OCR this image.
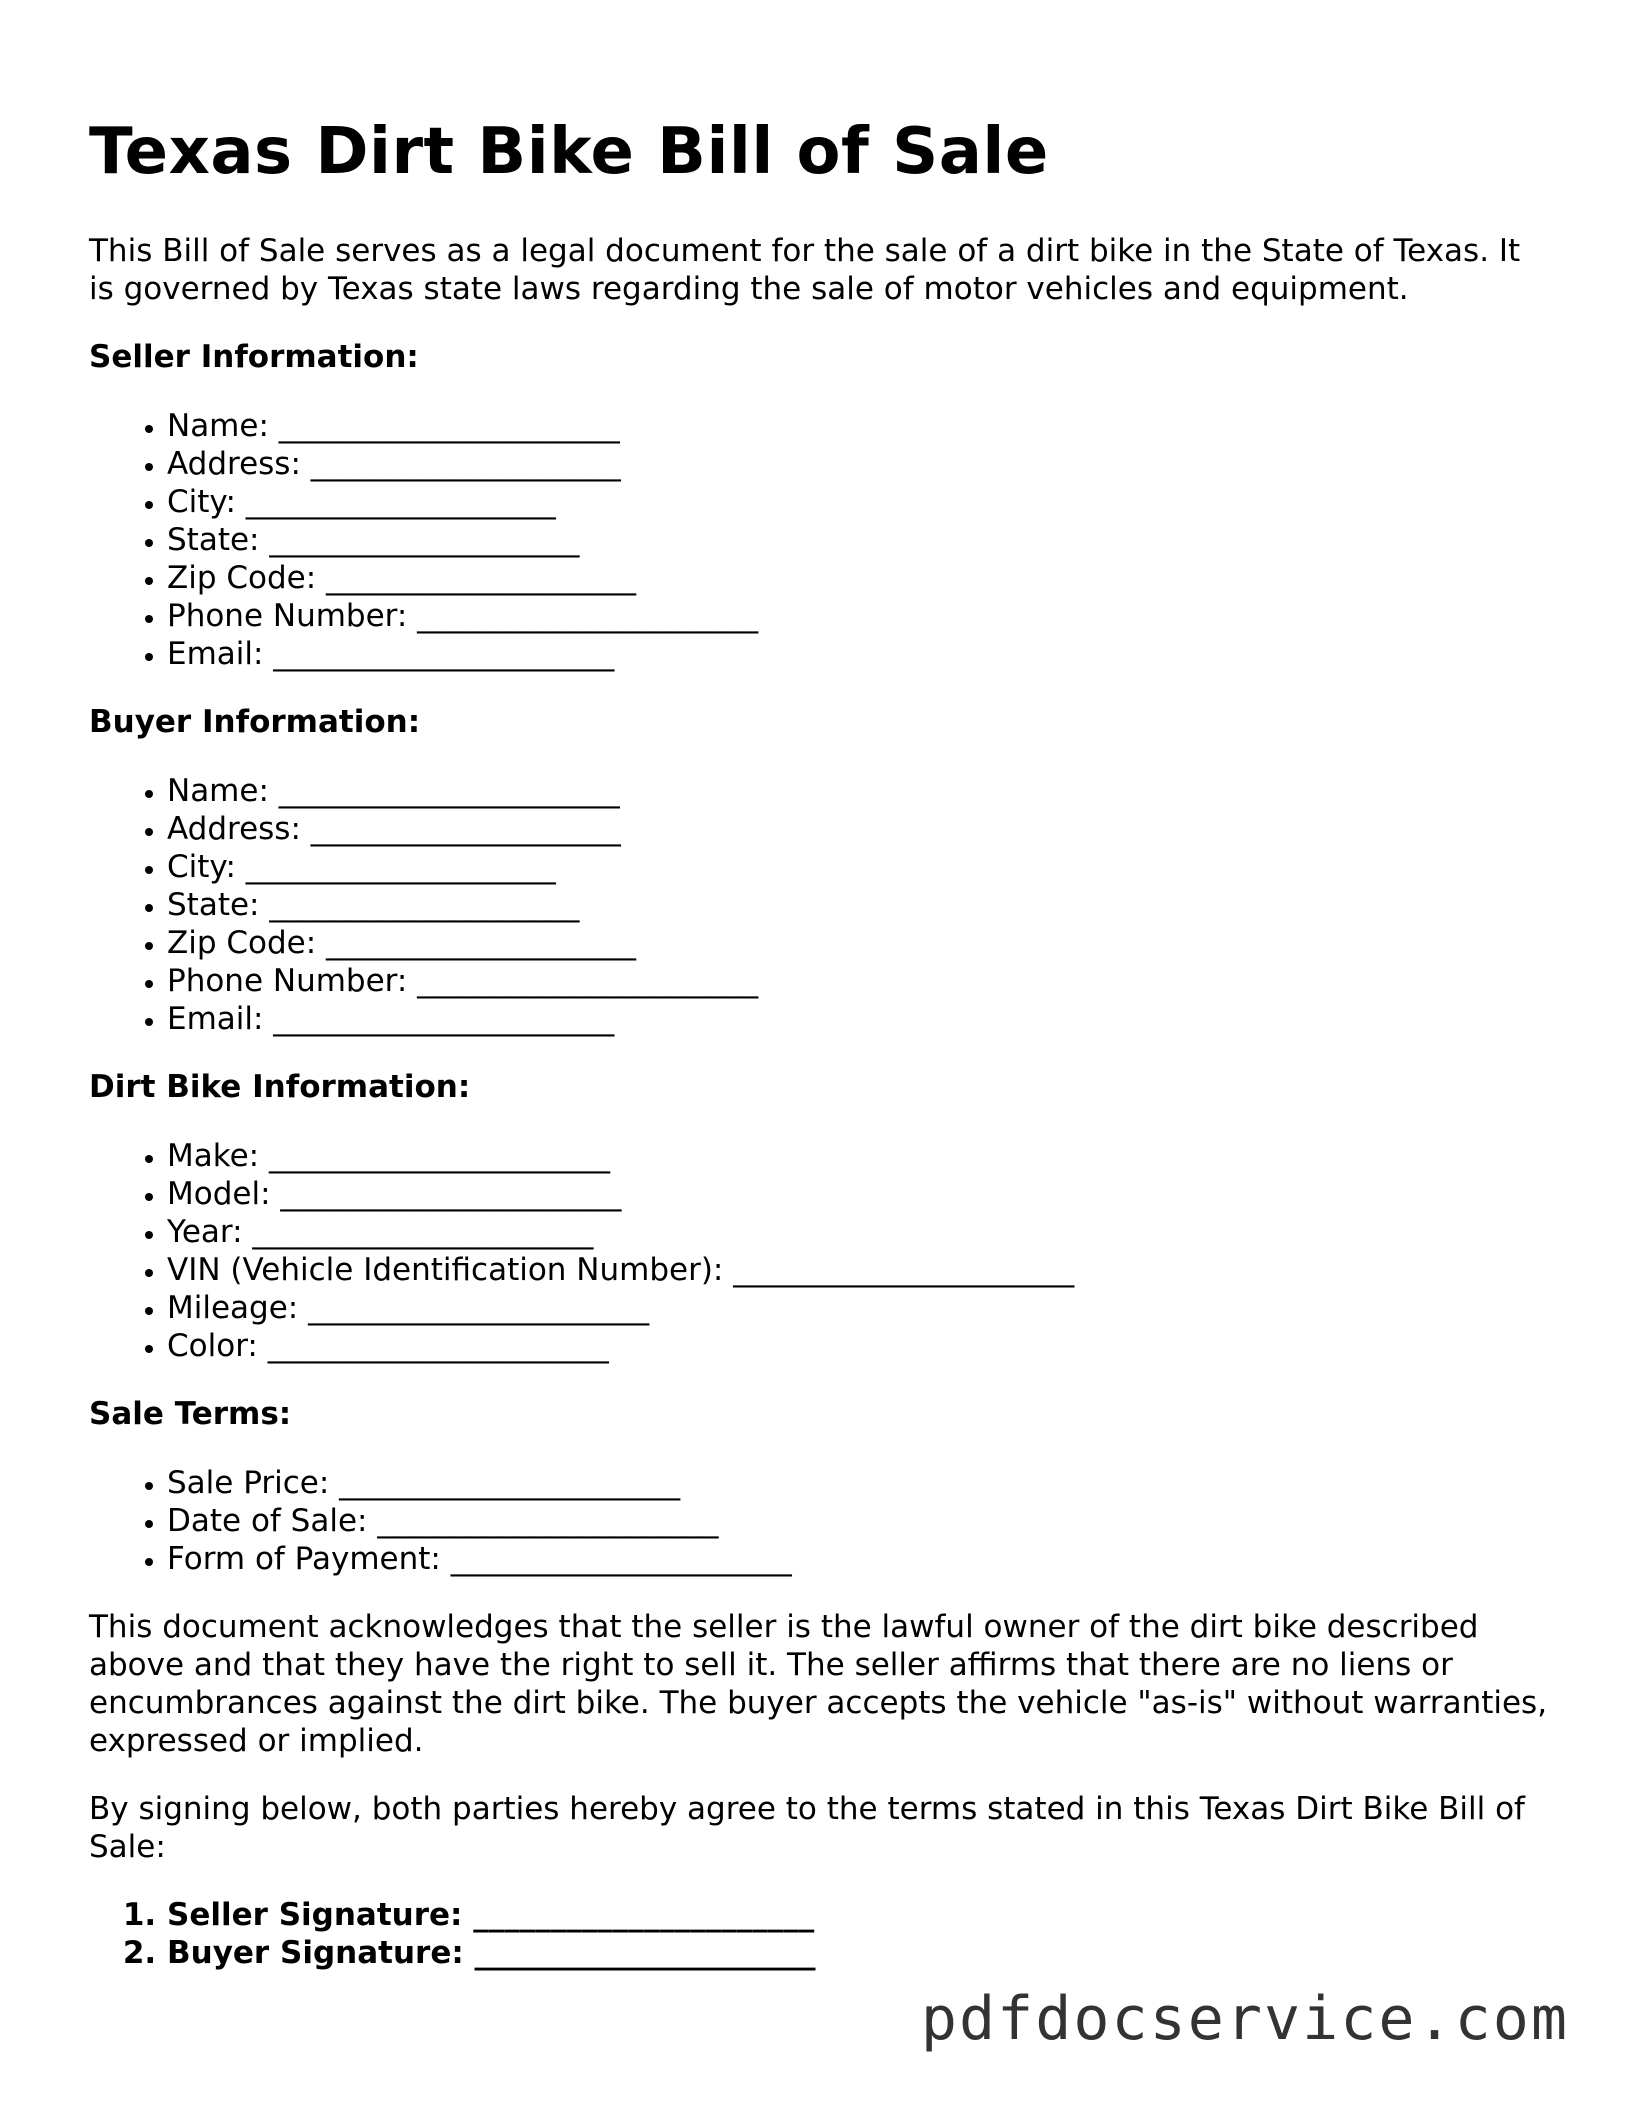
Texas Dirt Bike Bill of Sale

This Bill of Sale serves as a legal document for the sale of a dirt bike in the State of Texas. It is governed by Texas state laws regarding the sale of motor vehicles and equipment.

Seller Information:
• Name: ______________________
• Address: ____________________
• City: ____________________
• State: ____________________
• Zip Code: ____________________
• Phone Number: ______________________
• Email: ______________________
Buyer Information:
• Name: ______________________
• Address: ____________________
• City: ____________________
• State: ____________________
• Zip Code: ____________________
• Phone Number: ______________________
• Email: ______________________
Dirt Bike Information:
• Make: ______________________
• Model: ______________________
• Year: ______________________
• VIN (Vehicle Identification Number): ______________________
• Mileage: ______________________
• Color: ______________________
Sale Terms:
• Sale Price: ______________________
• Date of Sale: ______________________
• Form of Payment: ______________________

This document acknowledges that the seller is the lawful owner of the dirt bike described above and that they have the right to sell it. The seller affirms that there are no liens or encumbrances against the dirt bike. The buyer accepts the vehicle "as-is" without warranties, expressed or implied.

By signing below, both parties hereby agree to the terms stated in this Texas Dirt Bike Bill of Sale:

1. Seller Signature: ______________________
2. Buyer Signature: ______________________
pdfdocservice.com
